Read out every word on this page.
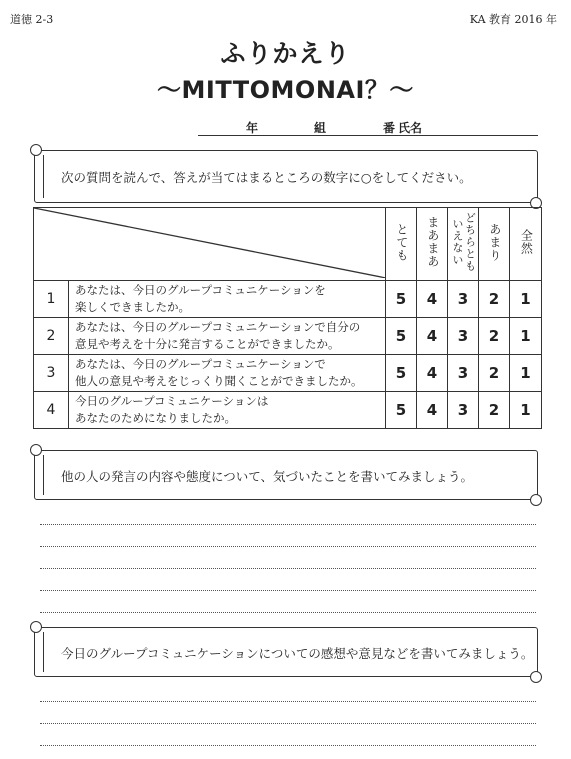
道徳 2-3	KA 教育 2016 年
ふりかえり
～MITTOMONAI？～
年	組	番 氏名
次の質問を読んで、答えが当てはまるところの数字に○をしてください。
	とても	まあまあ	どちらとも いえない	あまり	全然
1	あなたは、今日のグループコミュニケーションを
楽しくできましたか。	5	4	3	2	1
2	あなたは、今日のグループコミュニケーションで自分の
意見や考えを十分に発言することができましたか。	5	4	3	2	1
3	あなたは、今日のグループコミュニケーションで
他人の意見や考えをじっくり聞くことができましたか。	5	4	3	2	1
4	今日のグループコミュニケーションは
あなたのためになりましたか。	5	4	3	2	1
他の人の発言の内容や態度について、気づいたことを書いてみましょう。
今日のグループコミュニケーションについての感想や意見などを書いてみましょう。
